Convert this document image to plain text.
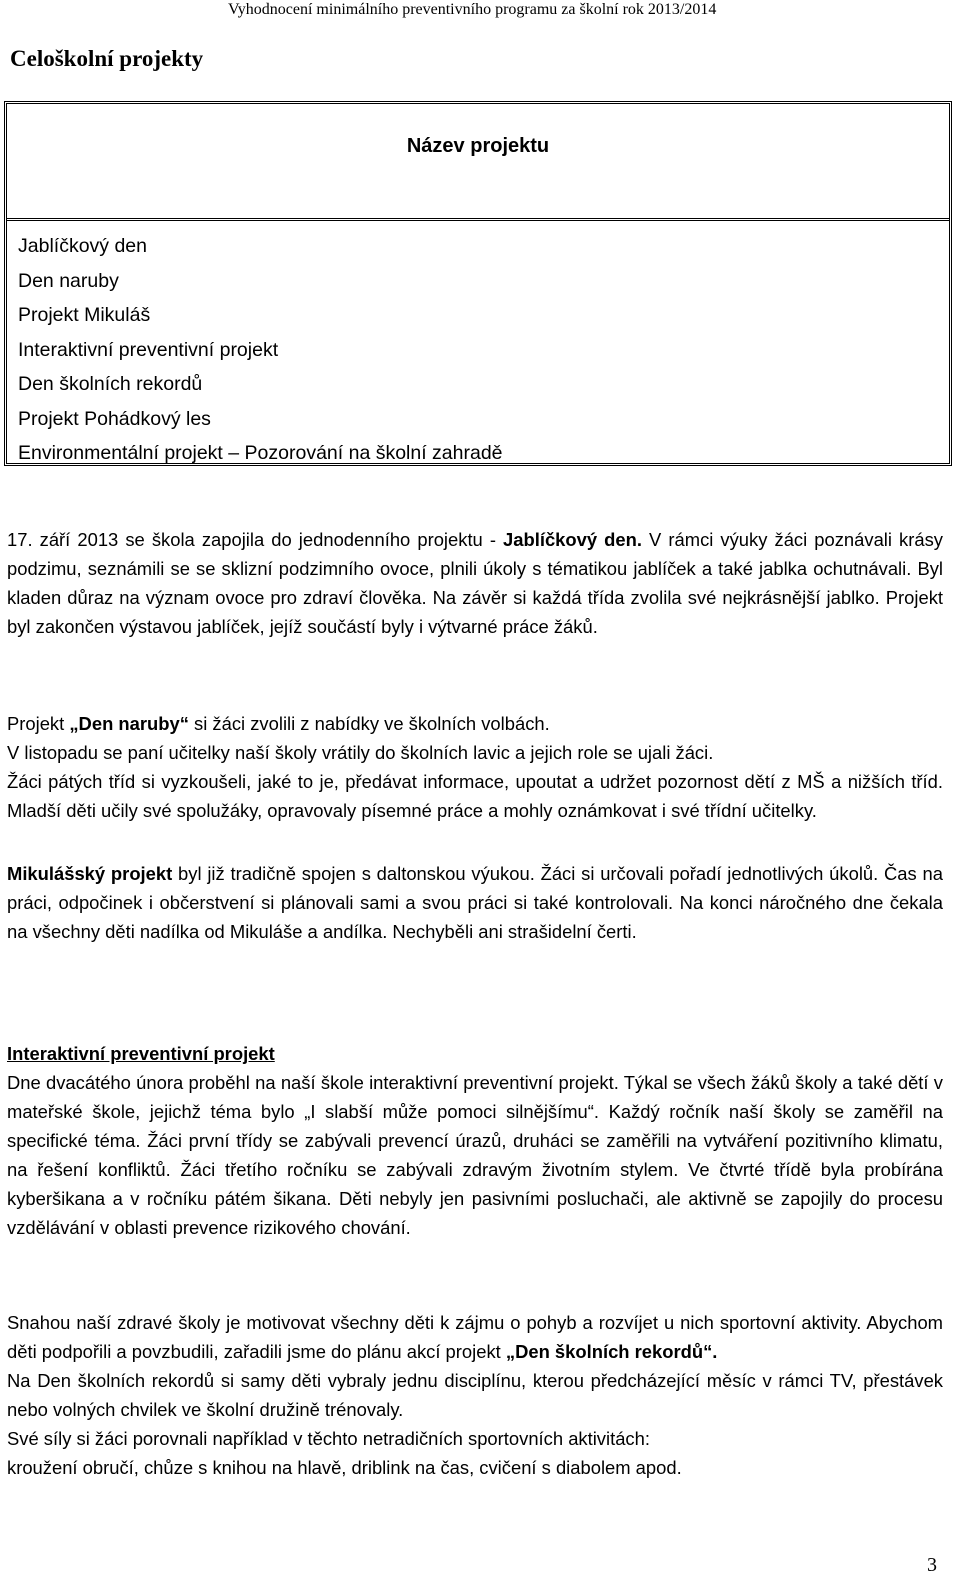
Vyhodnocení minimálního preventivního programu za školní rok 2013/2014
Celoškolní projekty
Název projektu
Jablíčkový den
Den naruby
Projekt Mikuláš
Interaktivní preventivní projekt
Den školních rekordů
Projekt Pohádkový les
Environmentální projekt – Pozorování na školní zahradě

17. září 2013 se škola zapojila do jednodenního projektu - Jablíčkový den. V rámci výuky žáci poznávali krásy podzimu, seznámili se se sklizní podzimního ovoce, plnili úkoly s tématikou jablíček a také jablka ochutnávali. Byl kladen důraz na význam ovoce pro zdraví člověka. Na závěr si každá třída zvolila své nejkrásnější jablko. Projekt byl zakončen výstavou jablíček, jejíž součástí byly i výtvarné práce žáků.

Projekt „Den naruby“ si žáci zvolili z nabídky ve školních volbách.

V listopadu se paní učitelky naší školy vrátily do školních lavic a jejich role se ujali žáci.

Žáci pátých tříd si vyzkoušeli, jaké to je, předávat informace, upoutat a udržet pozornost dětí z MŠ a nižších tříd. Mladší děti učily své spolužáky, opravovaly písemné práce a mohly oznámkovat i své třídní učitelky.

Mikulášský projekt byl již tradičně spojen s daltonskou výukou. Žáci si určovali pořadí jednotlivých úkolů. Čas na práci, odpočinek i občerstvení si plánovali sami a svou práci si také kontrolovali. Na konci náročného dne čekala na všechny děti nadílka od Mikuláše a andílka. Nechyběli ani strašidelní čerti.

Interaktivní preventivní projekt

Dne dvacátého února proběhl na naší škole interaktivní preventivní projekt. Týkal se všech žáků školy a také dětí v mateřské škole, jejichž téma bylo „I slabší může pomoci silnějšímu“. Každý ročník naší školy se zaměřil na specifické téma. Žáci první třídy se zabývali prevencí úrazů, druháci se zaměřili na vytváření pozitivního klimatu, na řešení konfliktů. Žáci třetího ročníku se zabývali zdravým životním stylem. Ve čtvrté třídě byla probírána kyberšikana a v ročníku pátém šikana. Děti nebyly jen pasivními posluchači, ale aktivně se zapojily do procesu vzdělávání v oblasti prevence rizikového chování.

Snahou naší zdravé školy je motivovat všechny děti k zájmu o pohyb a rozvíjet u nich sportovní aktivity. Abychom děti podpořili a povzbudili, zařadili jsme do plánu akcí projekt „Den školních rekordů“.

Na Den školních rekordů si samy děti vybraly jednu disciplínu, kterou předcházející měsíc v rámci TV, přestávek nebo volných chvilek ve školní družině trénovaly.

Své síly si žáci porovnali například v těchto netradičních sportovních aktivitách:

kroužení obručí, chůze s knihou na hlavě, driblink na čas, cvičení s diabolem apod.

3
